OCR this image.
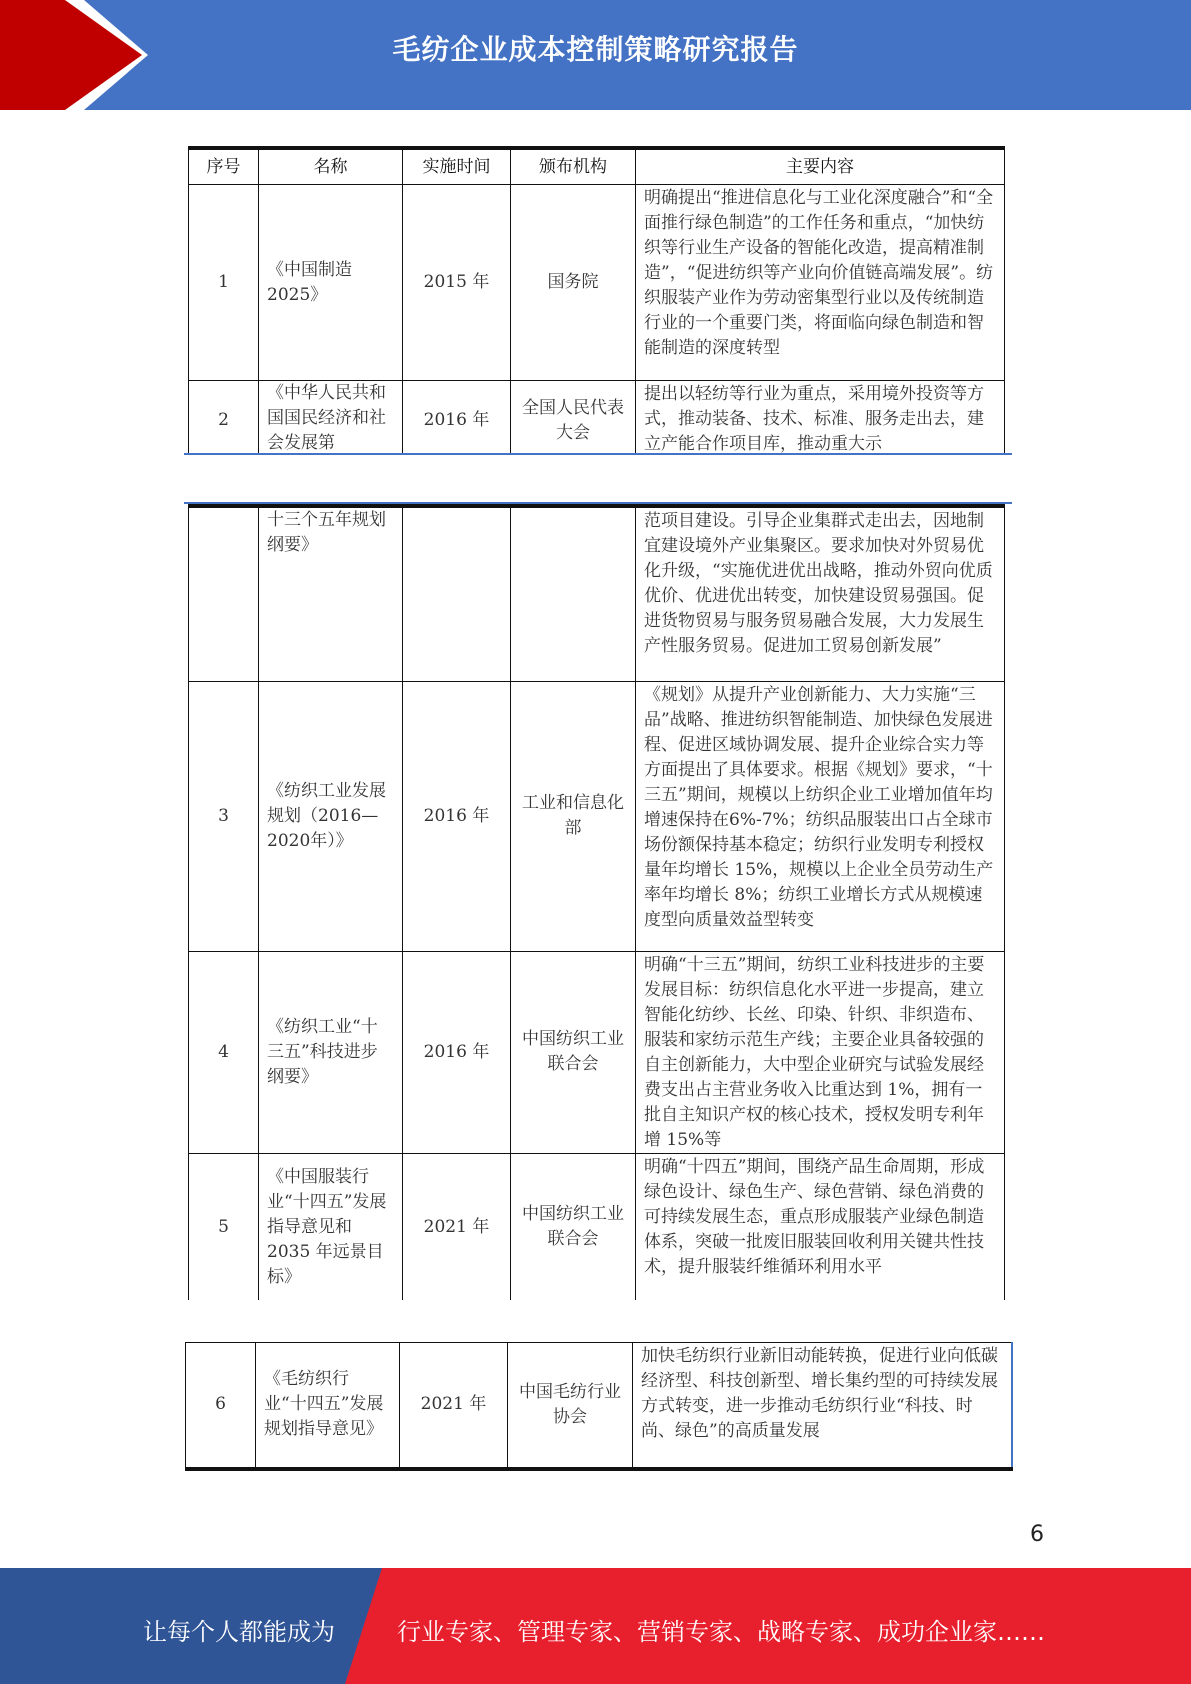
毛纺企业成本控制策略研究报告
序号	名称	实施时间	颁布机构	主要内容
1	《中国制造2025》	2015 年	国务院	明确提出“推进信息化与工业化深度融合”和“全面推行绿色制造”的工作任务和重点，“加快纺织等行业生产设备的智能化改造，提高精准制造”，“促进纺织等产业向价值链高端发展”。纺织服装产业作为劳动密集型行业以及传统制造行业的一个重要门类，将面临向绿色制造和智能制造的深度转型
2	《中华人民共和国国民经济和社会发展第	2016 年	全国人民代表大会	提出以轻纺等行业为重点，采用境外投资等方式，推动装备、技术、标准、服务走出去，建立产能合作项目库，推动重大示
	十三个五年规划纲要》			范项目建设。引导企业集群式走出去，因地制宜建设境外产业集聚区。要求加快对外贸易优化升级，“实施优进优出战略，推动外贸向优质优价、优进优出转变，加快建设贸易强国。促进货物贸易与服务贸易融合发展，大力发展生产性服务贸易。促进加工贸易创新发展”
3	《纺织工业发展规划（2016—2020年）》	2016 年	工业和信息化部	《规划》从提升产业创新能力、大力实施“三品”战略、推进纺织智能制造、加快绿色发展进程、促进区域协调发展、提升企业综合实力等方面提出了具体要求。根据《规划》要求，“十三五”期间，规模以上纺织企业工业增加值年均增速保持在6%-7%；纺织品服装出口占全球市场份额保持基本稳定；纺织行业发明专利授权量年均增长 15%，规模以上企业全员劳动生产率年均增长 8%；纺织工业增长方式从规模速度型向质量效益型转变
4	《纺织工业“十三五”科技进步纲要》	2016 年	中国纺织工业联合会	明确“十三五”期间，纺织工业科技进步的主要发展目标：纺织信息化水平进一步提高，建立智能化纺纱、长丝、印染、针织、非织造布、服装和家纺示范生产线；主要企业具备较强的自主创新能力，大中型企业研究与试验发展经费支出占主营业务收入比重达到 1%，拥有一批自主知识产权的核心技术，授权发明专利年增 15%等
5	《中国服装行业“十四五”发展指导意见和 2035 年远景目标》	2021 年	中国纺织工业联合会	明确“十四五”期间，围绕产品生命周期，形成绿色设计、绿色生产、绿色营销、绿色消费的可持续发展生态，重点形成服装产业绿色制造体系，突破一批废旧服装回收利用关键共性技术，提升服装纤维循环利用水平
6	《毛纺织行业“十四五”发展规划指导意见》	2021 年	中国毛纺行业协会	加快毛纺织行业新旧动能转换，促进行业向低碳经济型、科技创新型、增长集约型的可持续发展方式转变，进一步推动毛纺织行业“科技、时尚、绿色”的高质量发展
6
让每个人都能成为	行业专家、管理专家、营销专家、战略专家、成功企业家……
